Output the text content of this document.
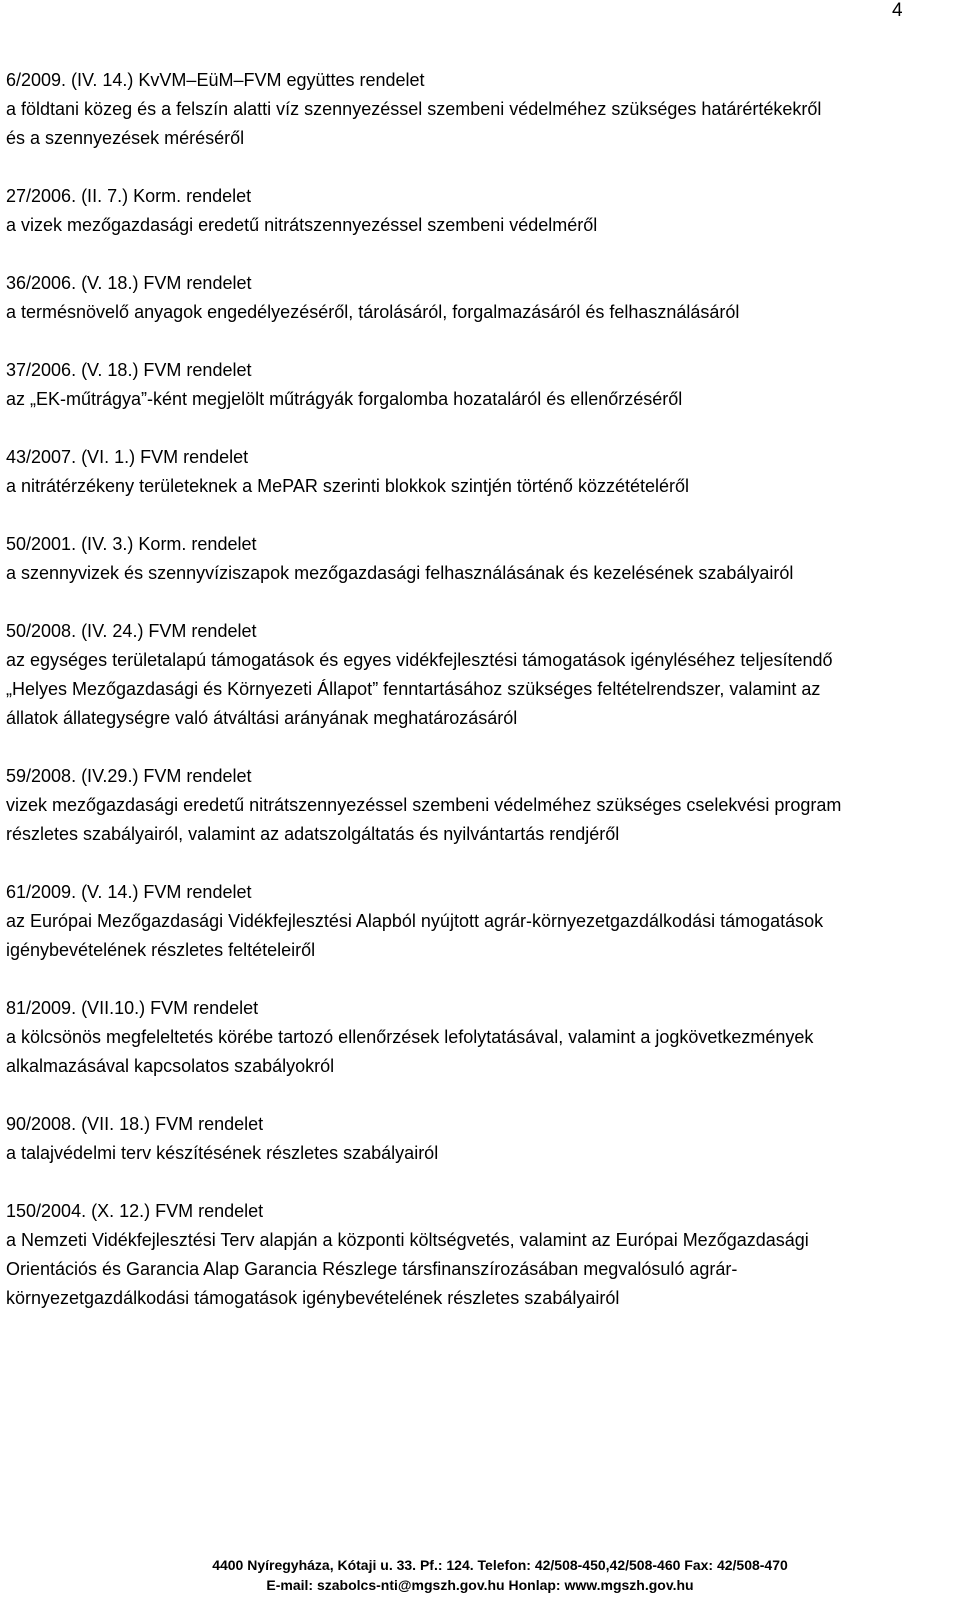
4
6/2009. (IV. 14.) KvVM–EüM–FVM együttes rendelet
a földtani közeg és a felszín alatti víz szennyezéssel szembeni védelméhez szükséges határértékekről
és a szennyezések méréséről
27/2006. (II. 7.) Korm. rendelet
a vizek mezőgazdasági eredetű nitrátszennyezéssel szembeni védelméről
36/2006. (V. 18.) FVM rendelet
a termésnövelő anyagok engedélyezéséről, tárolásáról, forgalmazásáról és felhasználásáról
37/2006. (V. 18.) FVM rendelet
az „EK-műtrágya”-ként megjelölt műtrágyák forgalomba hozataláról és ellenőrzéséről
43/2007. (VI. 1.) FVM rendelet
a nitrátérzékeny területeknek a MePAR szerinti blokkok szintjén történő közzétételéről
50/2001. (IV. 3.) Korm. rendelet
a szennyvizek és szennyvíziszapok mezőgazdasági felhasználásának és kezelésének szabályairól
50/2008. (IV. 24.) FVM rendelet
az egységes területalapú támogatások és egyes vidékfejlesztési támogatások igényléséhez teljesítendő
„Helyes Mezőgazdasági és Környezeti Állapot” fenntartásához szükséges feltételrendszer, valamint az
állatok állategységre való átváltási arányának meghatározásáról
59/2008. (IV.29.) FVM rendelet
vizek mezőgazdasági eredetű nitrátszennyezéssel szembeni védelméhez szükséges cselekvési program
részletes szabályairól, valamint az adatszolgáltatás és nyilvántartás rendjéről
61/2009. (V. 14.) FVM rendelet
az Európai Mezőgazdasági Vidékfejlesztési Alapból nyújtott agrár-környezetgazdálkodási támogatások
igénybevételének részletes feltételeiről
81/2009. (VII.10.) FVM rendelet
a kölcsönös megfeleltetés körébe tartozó ellenőrzések lefolytatásával, valamint a jogkövetkezmények
alkalmazásával kapcsolatos szabályokról
90/2008. (VII. 18.) FVM rendelet
a talajvédelmi terv készítésének részletes szabályairól
150/2004. (X. 12.) FVM rendelet
a Nemzeti Vidékfejlesztési Terv alapján a központi költségvetés, valamint az Európai Mezőgazdasági
Orientációs és Garancia Alap Garancia Részlege társfinanszírozásában megvalósuló agrár-
környezetgazdálkodási támogatások igénybevételének részletes szabályairól
4400 Nyíregyháza, Kótaji u. 33. Pf.: 124. Telefon: 42/508-450,42/508-460 Fax: 42/508-470
E-mail: szabolcs-nti@mgszh.gov.hu Honlap: www.mgszh.gov.hu
